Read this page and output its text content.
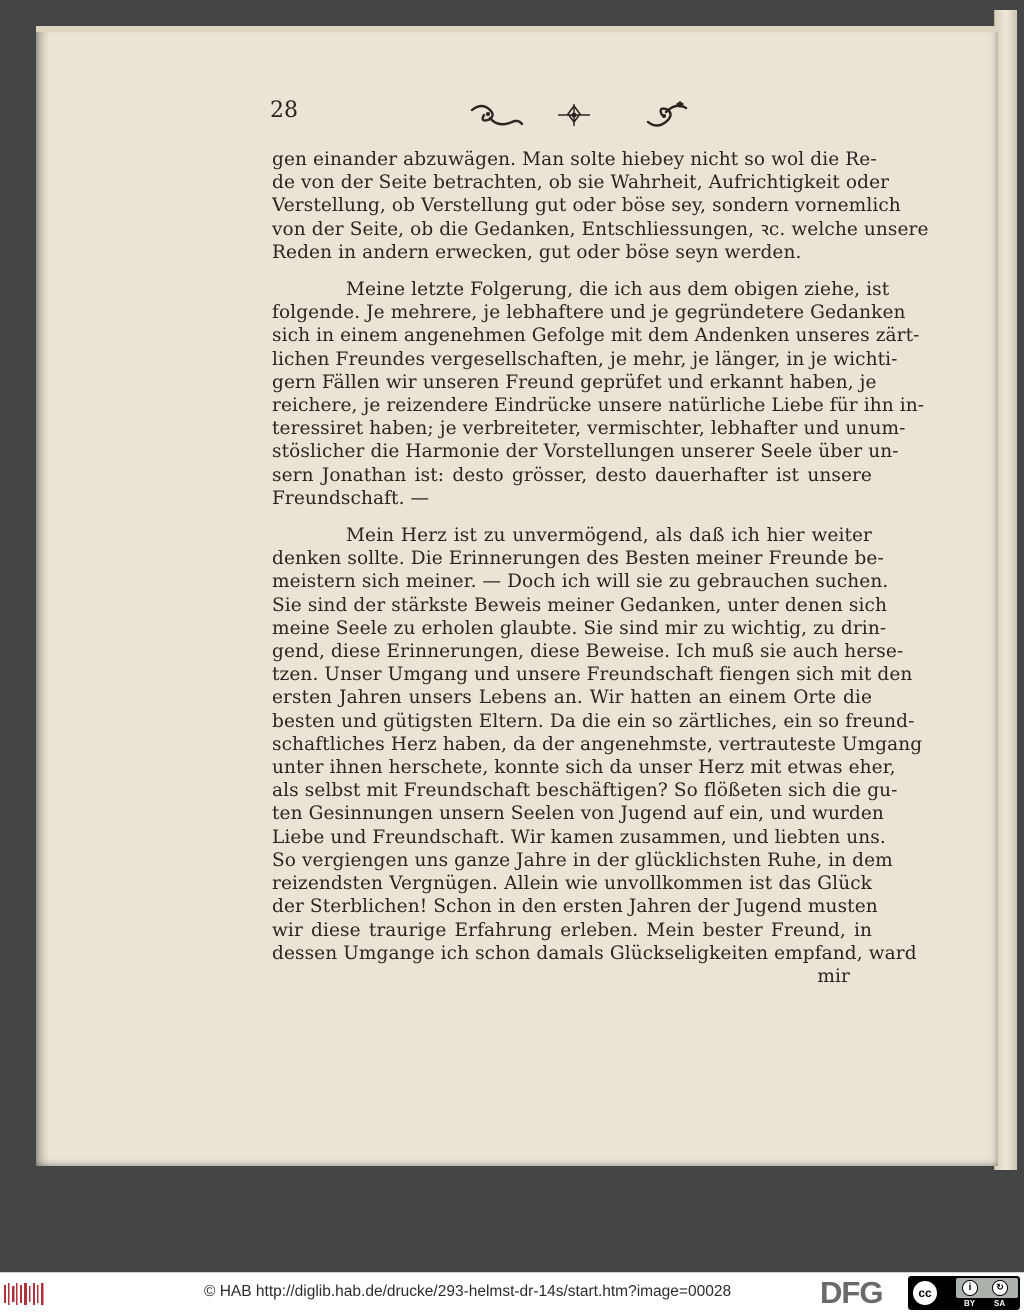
28
gen einander abzuwägen. Man solte hiebey nicht so wol die Re-
de von der Seite betrachten, ob sie Wahrheit, Aufrichtigkeit oder
Verstellung, ob Verstellung gut oder böse sey, sondern vornemlich
von der Seite, ob die Gedanken, Entschliessungen, ꝛc. welche unsere
Reden in andern erwecken, gut oder böse seyn werden.
Meine letzte Folgerung, die ich aus dem obigen ziehe, ist
folgende. Je mehrere, je lebhaftere und je gegründetere Gedanken
sich in einem angenehmen Gefolge mit dem Andenken unseres zärt-
lichen Freundes vergesellschaften, je mehr, je länger, in je wichti-
gern Fällen wir unseren Freund geprüfet und erkannt haben, je
reichere, je reizendere Eindrücke unsere natürliche Liebe für ihn in-
teressiret haben; je verbreiteter, vermischter, lebhafter und unum-
stöslicher die Harmonie der Vorstellungen unserer Seele über un-
sern Jonathan ist: desto grösser, desto dauerhafter ist unsere
Freundschaft. —
Mein Herz ist zu unvermögend, als daß ich hier weiter
denken sollte. Die Erinnerungen des Besten meiner Freunde be-
meistern sich meiner. — Doch ich will sie zu gebrauchen suchen.
Sie sind der stärkste Beweis meiner Gedanken, unter denen sich
meine Seele zu erholen glaubte. Sie sind mir zu wichtig, zu drin-
gend, diese Erinnerungen, diese Beweise. Ich muß sie auch herse-
tzen. Unser Umgang und unsere Freundschaft fiengen sich mit den
ersten Jahren unsers Lebens an. Wir hatten an einem Orte die
besten und gütigsten Eltern. Da die ein so zärtliches, ein so freund-
schaftliches Herz haben, da der angenehmste, vertrauteste Umgang
unter ihnen herschete, konnte sich da unser Herz mit etwas eher,
als selbst mit Freundschaft beschäftigen? So flößeten sich die gu-
ten Gesinnungen unsern Seelen von Jugend auf ein, und wurden
Liebe und Freundschaft. Wir kamen zusammen, und liebten uns.
So vergiengen uns ganze Jahre in der glücklichsten Ruhe, in dem
reizendsten Vergnügen. Allein wie unvollkommen ist das Glück
der Sterblichen! Schon in den ersten Jahren der Jugend musten
wir diese traurige Erfahrung erleben. Mein bester Freund, in
dessen Umgange ich schon damals Glückseligkeiten empfand, ward
mir
© HAB http://diglib.hab.de/drucke/293-helmst-dr-14s/start.htm?image=00028	DFG	cc	i	↻
BY SA
